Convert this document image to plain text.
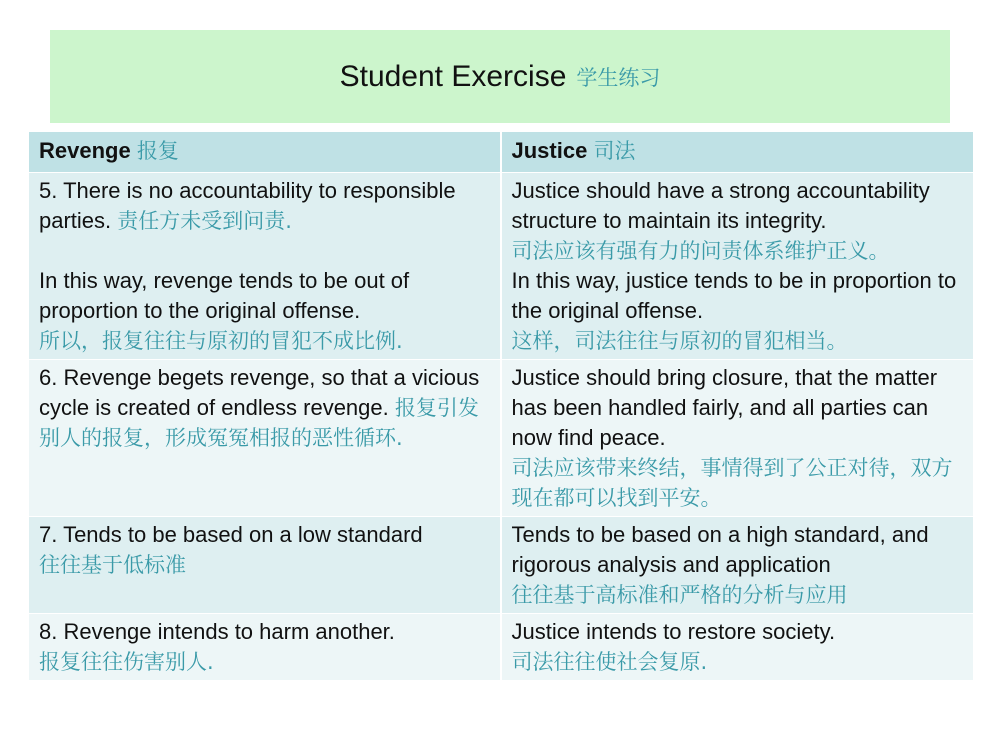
Student Exercise 学生练习
Revenge 报复	Justice 司法
5. There is no accountability to responsible parties. 责任方未受到问责.
In this way, revenge tends to be out of proportion to the original offense.
所以，报复往往与原初的冒犯不成比例.	Justice should have a strong accountability structure to maintain its integrity.
司法应该有强有力的问责体系维护正义。
In this way, justice tends to be in proportion to the original offense.
这样，司法往往与原初的冒犯相当。

6. Revenge begets revenge, so that a vicious cycle is created of endless revenge. 报复引发别人的报复，形成冤冤相报的恶性循环.	Justice should bring closure, that the matter has been handled fairly, and all parties can now find peace.
司法应该带来终结，事情得到了公正对待，双方现在都可以找到平安。

7. Tends to be based on a low standard
往往基于低标准	Tends to be based on a high standard, and rigorous analysis and application
往往基于高标准和严格的分析与应用

8. Revenge intends to harm another.
报复往往伤害别人.	Justice intends to restore society.
司法往往使社会复原.
